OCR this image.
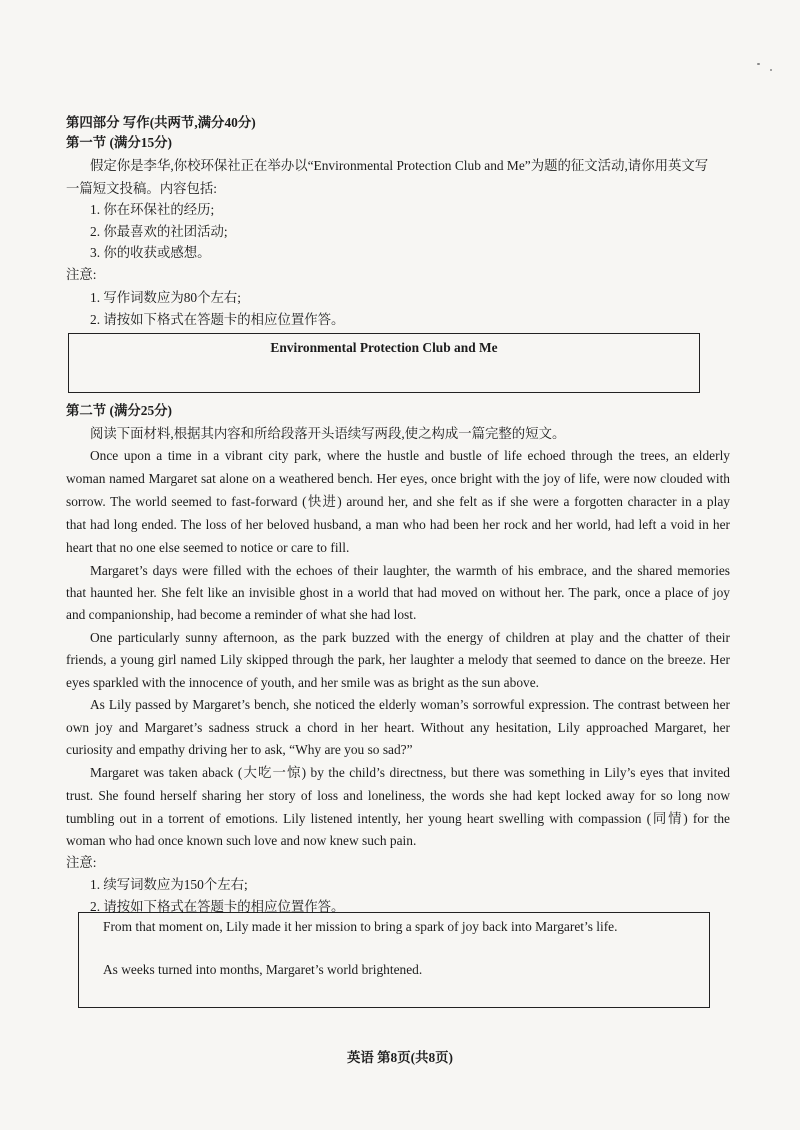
第四部分 写作(共两节,满分40分)
第一节 (满分15分)
假定你是李华,你校环保社正在举办以“Environmental Protection Club and Me”为题的征文活动,请你用英文写
一篇短文投稿。内容包括:
1. 你在环保社的经历;
2. 你最喜欢的社团活动;
3. 你的收获或感想。
注意:
1. 写作词数应为80个左右;
2. 请按如下格式在答题卡的相应位置作答。
Environmental Protection Club and Me
第二节 (满分25分)
阅读下面材料,根据其内容和所给段落开头语续写两段,使之构成一篇完整的短文。
Once upon a time in a vibrant city park, where the hustle and bustle of life echoed through the trees, an elderly
woman named Margaret sat alone on a weathered bench. Her eyes, once bright with the joy of life, were now clouded with
sorrow. The world seemed to fast-forward (快进) around her, and she felt as if she were a forgotten character in a play
that had long ended. The loss of her beloved husband, a man who had been her rock and her world, had left a void in her
heart that no one else seemed to notice or care to fill.
Margaret’s days were filled with the echoes of their laughter, the warmth of his embrace, and the shared memories
that haunted her. She felt like an invisible ghost in a world that had moved on without her. The park, once a place of joy
and companionship, had become a reminder of what she had lost.
One particularly sunny afternoon, as the park buzzed with the energy of children at play and the chatter of their
friends, a young girl named Lily skipped through the park, her laughter a melody that seemed to dance on the breeze. Her
eyes sparkled with the innocence of youth, and her smile was as bright as the sun above.
As Lily passed by Margaret’s bench, she noticed the elderly woman’s sorrowful expression. The contrast between her
own joy and Margaret’s sadness struck a chord in her heart. Without any hesitation, Lily approached Margaret, her
curiosity and empathy driving her to ask, “Why are you so sad?”
Margaret was taken aback (大吃一惊) by the child’s directness, but there was something in Lily’s eyes that invited
trust. She found herself sharing her story of loss and loneliness, the words she had kept locked away for so long now
tumbling out in a torrent of emotions. Lily listened intently, her young heart swelling with compassion (同情) for the
woman who had once known such love and now knew such pain.
注意:
1. 续写词数应为150个左右;
2. 请按如下格式在答题卡的相应位置作答。
From that moment on, Lily made it her mission to bring a spark of joy back into Margaret’s life.
As weeks turned into months, Margaret’s world brightened.
英语 第8页(共8页)
